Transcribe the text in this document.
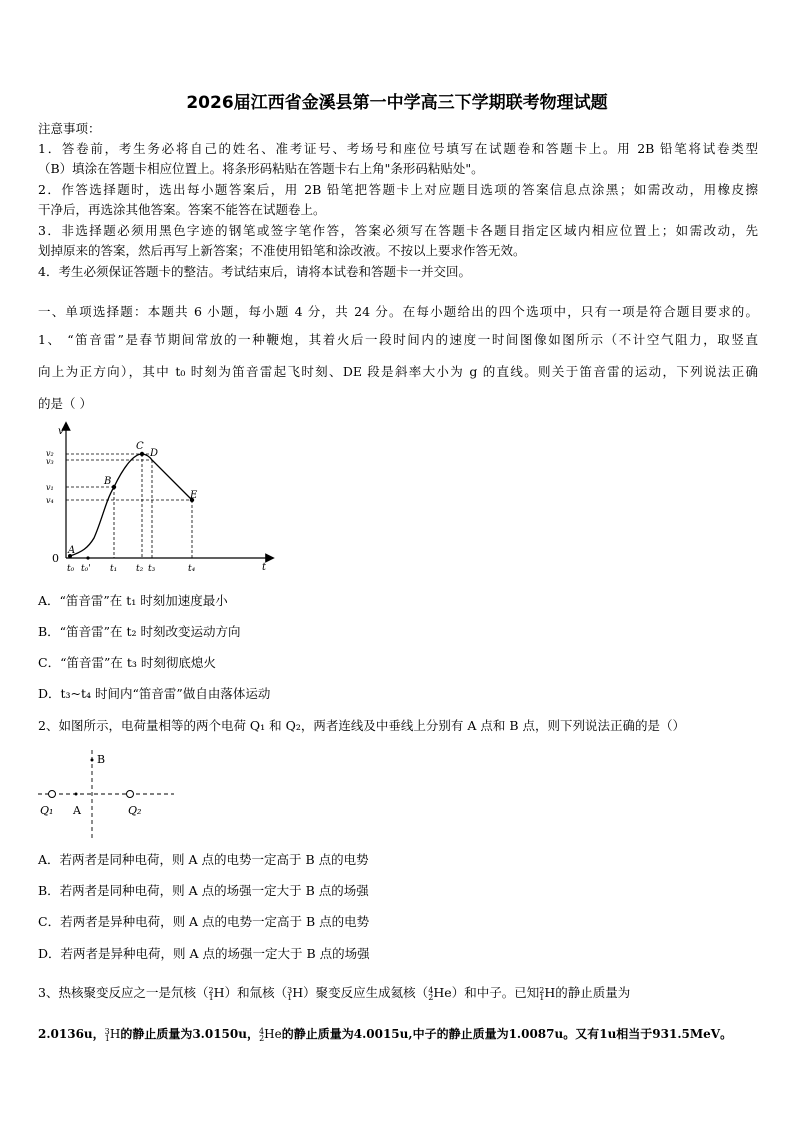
2026届江西省金溪县第一中学高三下学期联考物理试题
注意事项：
1．答卷前，考生务必将自己的姓名、准考证号、考场号和座位号填写在试题卷和答题卡上。用 2B 铅笔将试卷类型
（B）填涂在答题卡相应位置上。将条形码粘贴在答题卡右上角"条形码粘贴处"。
2．作答选择题时，选出每小题答案后，用 2B 铅笔把答题卡上对应题目选项的答案信息点涂黑；如需改动，用橡皮擦
干净后，再选涂其他答案。答案不能答在试题卷上。
3．非选择题必须用黑色字迹的钢笔或签字笔作答，答案必须写在答题卡各题目指定区域内相应位置上；如需改动，先
划掉原来的答案，然后再写上新答案；不准使用铅笔和涂改液。不按以上要求作答无效。
4．考生必须保证答题卡的整洁。考试结束后，请将本试卷和答题卡一并交回。
一、单项选择题：本题共 6 小题，每小题 4 分，共 24 分。在每小题给出的四个选项中，只有一项是符合题目要求的。
1、 “笛音雷”是春节期间常放的一种鞭炮，其着火后一段时间内的速度一时间图像如图所示（不计空气阻力，取竖直
向上为正方向），其中 t₀ 时刻为笛音雷起飞时刻、DE 段是斜率大小为 g 的直线。则关于笛音雷的运动，下列说法正确
的是（ ）
v
t
0
A
B
C
D
E
v₂
v₃
v₁
v₄
t₀ t₀' t₁ t₂ t₃	t₄
A．“笛音雷”在 t₁ 时刻加速度最小
B．“笛音雷”在 t₂ 时刻改变运动方向
C．“笛音雷”在 t₃ 时刻彻底熄火
D．t₃~t₄ 时间内“笛音雷”做自由落体运动
2、如图所示，电荷量相等的两个电荷 Q₁ 和 Q₂，两者连线及中垂线上分别有 A 点和 B 点，则下列说法正确的是（）
B
Q₁ A	Q₂
A．若两者是同种电荷，则 A 点的电势一定高于 B 点的电势
B．若两者是同种电荷，则 A 点的场强一定大于 B 点的场强
C．若两者是异种电荷，则 A 点的电势一定高于 B 点的电势
D．若两者是异种电荷，则 A 点的场强一定大于 B 点的场强
3、热核聚变反应之一是氘核（$^2_1$H）和氚核（$^3_1$H）聚变反应生成氦核（$^4_2$He）和中子。已知$^2_1$H的静止质量为
2.0136u，$^3_1$H的静止质量为3.0150u，$^4_2$He的静止质量为4.0015u,中子的静止质量为1.0087u。又有1u相当于931.5MeV。
